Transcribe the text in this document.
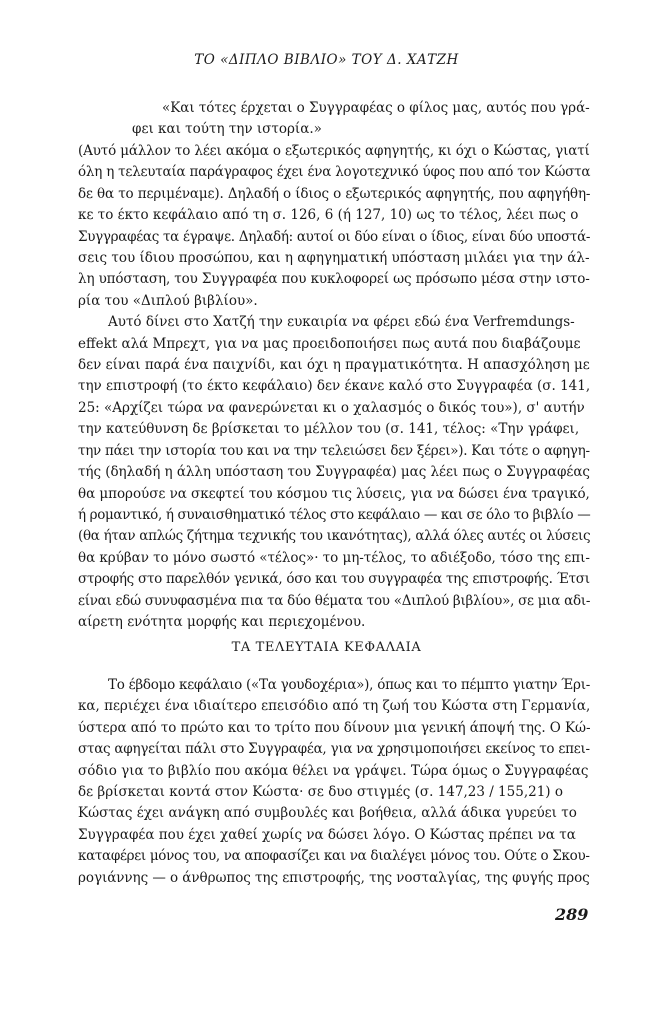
ΤΟ «ΔΙΠΛΟ ΒΙΒΛΙΟ» ΤΟΥ Δ. ΧΑΤΖΗ
«Και τότες έρχεται ο Συγγραφέας ο φίλος μας, αυτός που γρά-
φει και τούτη την ιστορία.»

(Αυτό μάλλον το λέει ακόμα ο εξωτερικός αφηγητής, κι όχι ο Κώστας, γιατί
όλη η τελευταία παράγραφος έχει ένα λογοτεχνικό ύφος που από τον Κώστα
δε θα το περιμέναμε). Δηλαδή ο ίδιος ο εξωτερικός αφηγητής, που αφηγήθη-
κε το έκτο κεφάλαιο από τη σ. 126, 6 (ή 127, 10) ως το τέλος, λέει πως ο
Συγγραφέας τα έγραψε. Δηλαδή: αυτοί οι δύο είναι ο ίδιος, είναι δύο υποστά-
σεις του ίδιου προσώπου, και η αφηγηματική υπόσταση μιλάει για την άλ-
λη υπόσταση, του Συγγραφέα που κυκλοφορεί ως πρόσωπο μέσα στην ιστο-
ρία του «Διπλού βιβλίου».

Αυτό δίνει στο Χατζή την ευκαιρία να φέρει εδώ ένα Verfremdungs-
effekt αλά Μπρεχτ, για να μας προειδοποιήσει πως αυτά που διαβάζουμε
δεν είναι παρά ένα παιχνίδι, και όχι η πραγματικότητα. Η απασχόληση με
την επιστροφή (το έκτο κεφάλαιο) δεν έκανε καλό στο Συγγραφέα (σ. 141,
25: «Αρχίζει τώρα να φανερώνεται κι ο χαλασμός ο δικός του»), σ' αυτήν
την κατεύθυνση δε βρίσκεται το μέλλον του (σ. 141, τέλος: «Την γράφει,
την πάει την ιστορία του και να την τελειώσει δεν ξέρει»). Και τότε ο αφηγη-
τής (δηλαδή η άλλη υπόσταση του Συγγραφέα) μας λέει πως ο Συγγραφέας
θα μπορούσε να σκεφτεί του κόσμου τις λύσεις, για να δώσει ένα τραγικό,
ή ρομαντικό, ή συναισθηματικό τέλος στο κεφάλαιο — και σε όλο το βιβλίο —
(θα ήταν απλώς ζήτημα τεχνικής του ικανότητας), αλλά όλες αυτές οι λύσεις
θα κρύβαν το μόνο σωστό «τέλος»· το μη-τέλος, το αδιέξοδο, τόσο της επι-
στροφής στο παρελθόν γενικά, όσο και του συγγραφέα της επιστροφής. Έτσι
είναι εδώ συνυφασμένα πια τα δύο θέματα του «Διπλού βιβλίου», σε μια αδι-
αίρετη ενότητα μορφής και περιεχομένου.

ΤΑ ΤΕΛΕΥΤΑΙΑ ΚΕΦΑΛΑΙΑ

Το έβδομο κεφάλαιο («Τα γουδοχέρια»), όπως και το πέμπτο γιατην Έρι-
κα, περιέχει ένα ιδιαίτερο επεισόδιο από τη ζωή του Κώστα στη Γερμανία,
ύστερα από το πρώτο και το τρίτο που δίνουν μια γενική άποψή της. Ο Κώ-
στας αφηγείται πάλι στο Συγγραφέα, για να χρησιμοποιήσει εκείνος το επει-
σόδιο για το βιβλίο που ακόμα θέλει να γράψει. Τώρα όμως ο Συγγραφέας
δε βρίσκεται κοντά στον Κώστα· σε δυο στιγμές (σ. 147,23 / 155,21) ο
Κώστας έχει ανάγκη από συμβουλές και βοήθεια, αλλά άδικα γυρεύει το
Συγγραφέα που έχει χαθεί χωρίς να δώσει λόγο. Ο Κώστας πρέπει να τα
καταφέρει μόνος του, να αποφασίζει και να διαλέγει μόνος του. Ούτε ο Σκου-
ρογιάννης — ο άνθρωπος της επιστροφής, της νοσταλγίας, της φυγής προς

289
